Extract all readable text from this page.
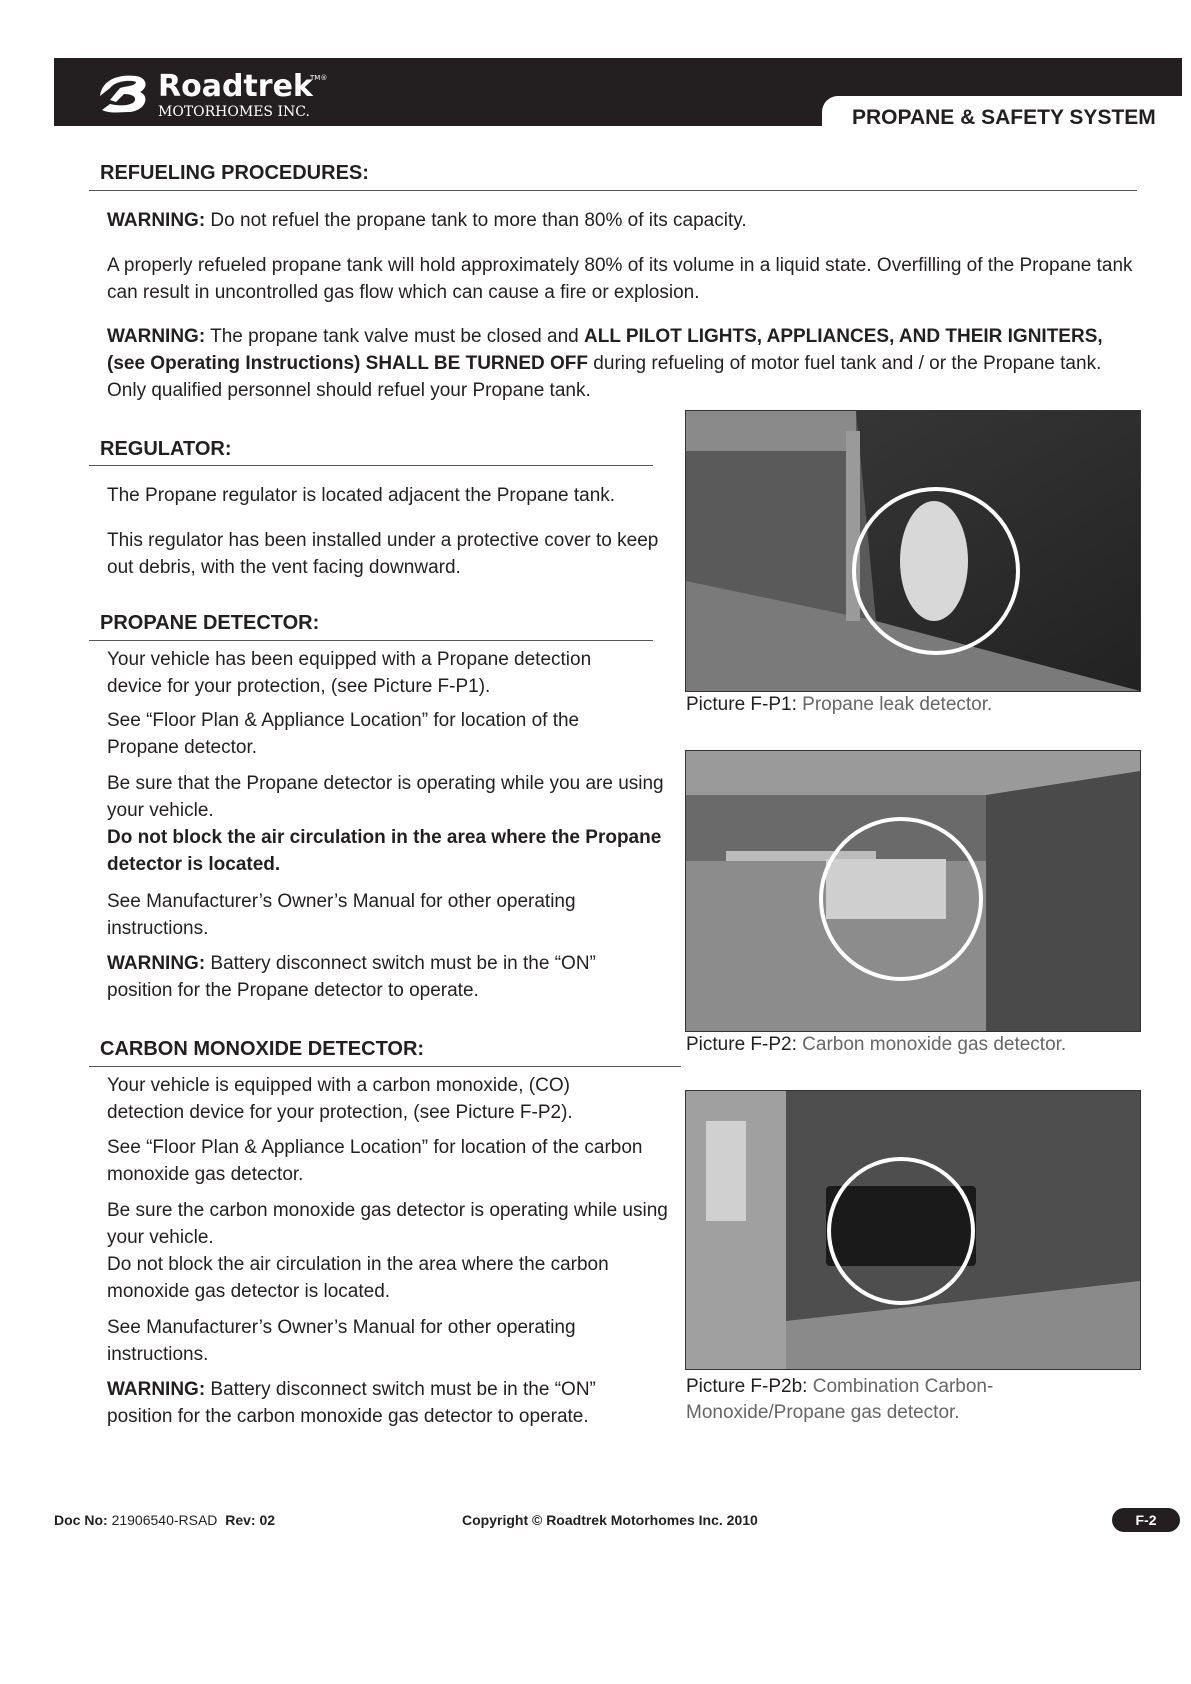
Roadtrek
TM®
MOTORHOMES INC.	PROPANE & SAFETY SYSTEM
REFUELING PROCEDURES:
WARNING: Do not refuel the propane tank to more than 80% of its capacity.
A properly refueled propane tank will hold approximately 80% of its volume in a liquid state. Overfilling of the Propane tank can result in uncontrolled gas flow which can cause a fire or explosion.
WARNING: The propane tank valve must be closed and ALL PILOT LIGHTS, APPLIANCES, AND THEIR IGNITERS, (see Operating Instructions) SHALL BE TURNED OFF during refueling of motor fuel tank and / or the Propane tank. Only qualified personnel should refuel your Propane tank.
REGULATOR:
The Propane regulator is located adjacent the Propane tank.
This regulator has been installed under a protective cover to keep out debris, with the vent facing downward.
PROPANE DETECTOR:
Your vehicle has been equipped with a Propane detection device for your protection, (see Picture F-P1).
See “Floor Plan & Appliance Location” for location of the Propane detector.
Be sure that the Propane detector is operating while you are using your vehicle.
Do not block the air circulation in the area where the Propane detector is located.
See Manufacturer’s Owner’s Manual for other operating instructions.
WARNING: Battery disconnect switch must be in the “ON” position for the Propane detector to operate.
CARBON MONOXIDE DETECTOR:
Your vehicle is equipped with a carbon monoxide, (CO) detection device for your protection, (see Picture F-P2).
See “Floor Plan & Appliance Location” for location of the carbon monoxide gas detector.
Be sure the carbon monoxide gas detector is operating while using your vehicle.
Do not block the air circulation in the area where the carbon monoxide gas detector is located.
See Manufacturer’s Owner’s Manual for other operating instructions.
WARNING: Battery disconnect switch must be in the “ON” position for the carbon monoxide gas detector to operate.
Picture F-P1: Propane leak detector.
Picture F-P2: Carbon monoxide gas detector.
Picture F-P2b: Combination Carbon-Monoxide/Propane gas detector.
Doc No: 21906540-RSAD Rev: 02	Copyright © Roadtrek Motorhomes Inc. 2010	F-2
